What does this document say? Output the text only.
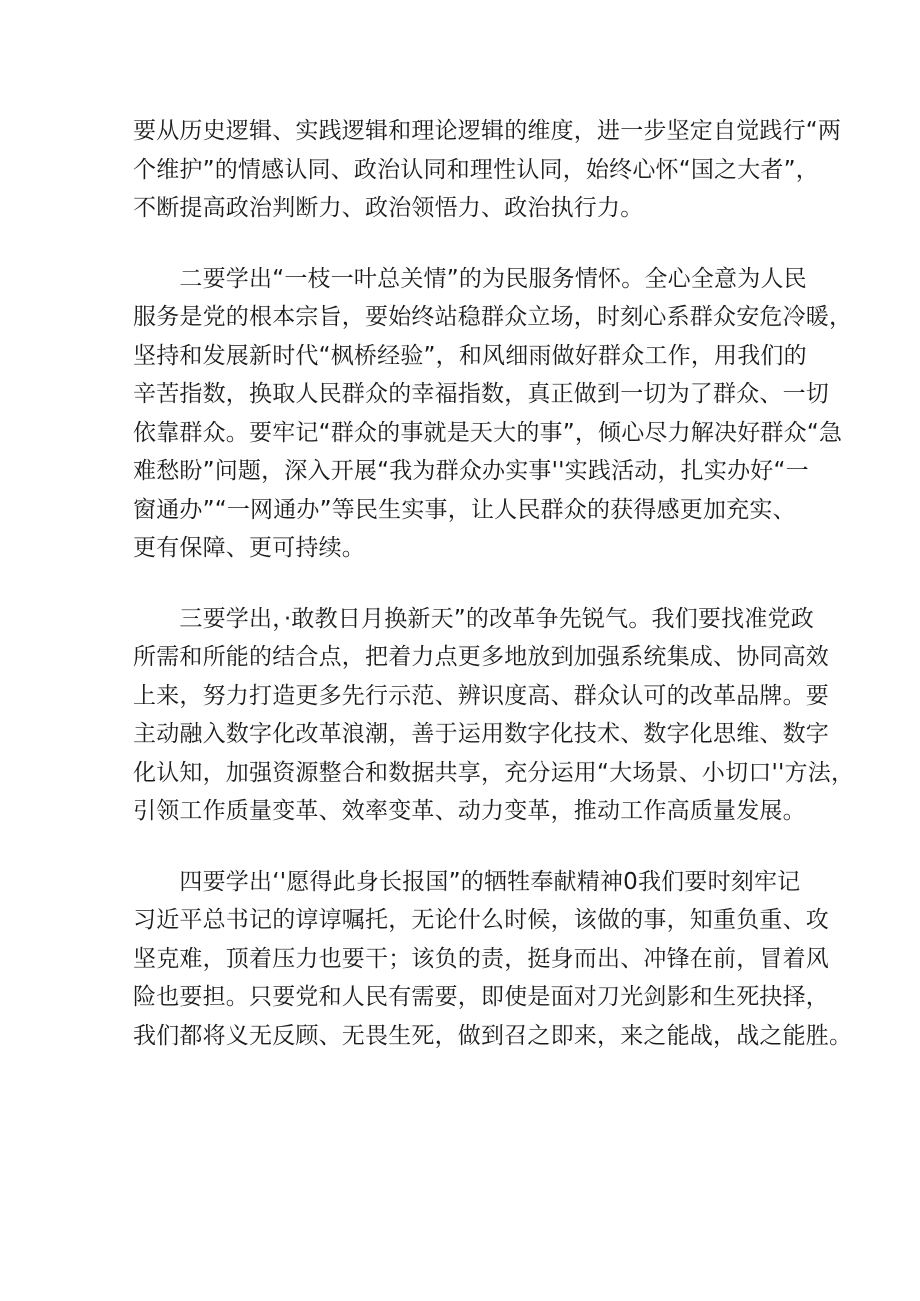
要从历史逻辑、实践逻辑和理论逻辑的维度，进一步坚定自觉践行“两
个维护”的情感认同、政治认同和理性认同，始终心怀“国之大者”，
不断提高政治判断力、政治领悟力、政治执行力。

　　二要学出“一枝一叶总关情”的为民服务情怀。全心全意为人民
服务是党的根本宗旨，要始终站稳群众立场，时刻心系群众安危冷暖，
坚持和发展新时代“枫桥经验”，和风细雨做好群众工作，用我们的
辛苦指数，换取人民群众的幸福指数，真正做到一切为了群众、一切
依靠群众。要牢记“群众的事就是天大的事”，倾心尽力解决好群众“急
难愁盼”问题，深入开展“我为群众办实事''实践活动，扎实办好“一
窗通办”“一网通办”等民生实事，让人民群众的获得感更加充实、
更有保障、更可持续。

　　三要学出，·敢教日月换新天”的改革争先锐气。我们要找准党政
所需和所能的结合点，把着力点更多地放到加强系统集成、协同高效
上来，努力打造更多先行示范、辨识度高、群众认可的改革品牌。要
主动融入数字化改革浪潮，善于运用数字化技术、数字化思维、数字
化认知，加强资源整合和数据共享，充分运用“大场景、小切口''方法，
引领工作质量变革、效率变革、动力变革，推动工作高质量发展。

　　四要学出‘'愿得此身长报国”的牺牲奉献精神0我们要时刻牢记
习近平总书记的谆谆嘱托，无论什么时候，该做的事，知重负重、攻
坚克难，顶着压力也要干；该负的责，挺身而出、冲锋在前，冒着风
险也要担。只要党和人民有需要，即使是面对刀光剑影和生死抉择，
我们都将义无反顾、无畏生死，做到召之即来，来之能战，战之能胜。
